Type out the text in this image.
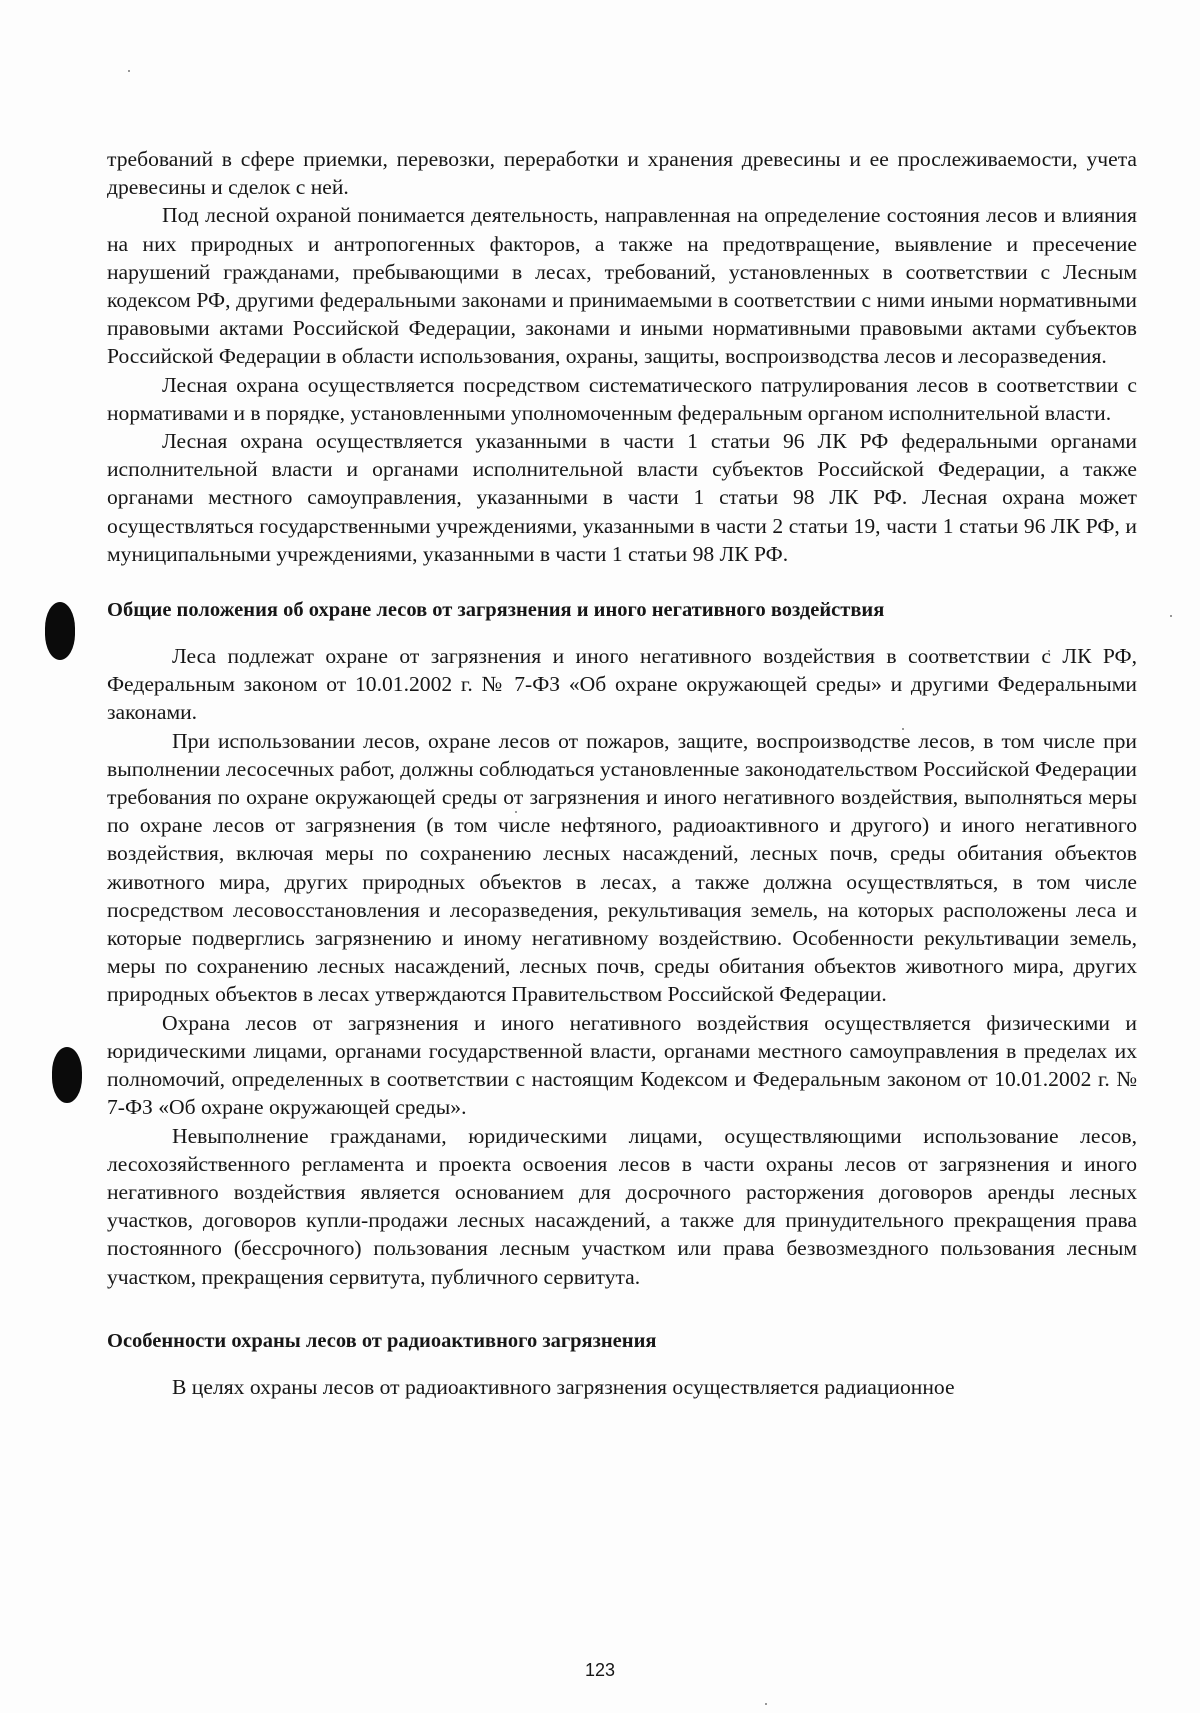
требований в сфере приемки, перевозки, переработки и хранения древесины и ее прослеживаемости, учета древесины и сделок с ней.

Под лесной охраной понимается деятельность, направленная на определение состояния лесов и влияния на них природных и антропогенных факторов, а также на предотвращение, выявление и пресечение нарушений гражданами, пребывающими в лесах, требований, установленных в соответствии с Лесным кодексом РФ, другими федеральными законами и принимаемыми в соответствии с ними иными нормативными правовыми актами Российской Федерации, законами и иными нормативными правовыми актами субъектов Российской Федерации в области использования, охраны, защиты, воспроизводства лесов и лесоразведения.

Лесная охрана осуществляется посредством систематического патрулирования лесов в соответствии с нормативами и в порядке, установленными уполномоченным федеральным органом исполнительной власти.

Лесная охрана осуществляется указанными в части 1 статьи 96 ЛК РФ федеральными органами исполнительной власти и органами исполнительной власти субъектов Российской Федерации, а также органами местного самоуправления, указанными в части 1 статьи 98 ЛК РФ. Лесная охрана может осуществляться государственными учреждениями, указанными в части 2 статьи 19, части 1 статьи 96 ЛК РФ, и муниципальными учреждениями, указанными в части 1 статьи 98 ЛК РФ.

Общие положения об охране лесов от загрязнения и иного негативного воздействия

Леса подлежат охране от загрязнения и иного негативного воздействия в соответствии с ЛК РФ, Федеральным законом от 10.01.2002 г. № 7-ФЗ «Об охране окружающей среды» и другими Федеральными законами.

При использовании лесов, охране лесов от пожаров, защите, воспроизводстве лесов, в том числе при выполнении лесосечных работ, должны соблюдаться установленные законодательством Российской Федерации требования по охране окружающей среды от загрязнения и иного негативного воздействия, выполняться меры по охране лесов от загрязнения (в том числе нефтяного, радиоактивного и другого) и иного негативного воздействия, включая меры по сохранению лесных насаждений, лесных почв, среды обитания объектов животного мира, других природных объектов в лесах, а также должна осуществляться, в том числе посредством лесовосстановления и лесоразведения, рекультивация земель, на которых расположены леса и которые подверглись загрязнению и иному негативному воздействию. Особенности рекультивации земель, меры по сохранению лесных насаждений, лесных почв, среды обитания объектов животного мира, других природных объектов в лесах утверждаются Правительством Российской Федерации.

Охрана лесов от загрязнения и иного негативного воздействия осуществляется физическими и юридическими лицами, органами государственной власти, органами местного самоуправления в пределах их полномочий, определенных в соответствии с настоящим Кодексом и Федеральным законом от 10.01.2002 г. № 7-ФЗ «Об охране окружающей среды».

Невыполнение гражданами, юридическими лицами, осуществляющими использование лесов, лесохозяйственного регламента и проекта освоения лесов в части охраны лесов от загрязнения и иного негативного воздействия является основанием для досрочного расторжения договоров аренды лесных участков, договоров купли-продажи лесных насаждений, а также для принудительного прекращения права постоянного (бессрочного) пользования лесным участком или права безвозмездного пользования лесным участком, прекращения сервитута, публичного сервитута.

Особенности охраны лесов от радиоактивного загрязнения

В целях охраны лесов от радиоактивного загрязнения осуществляется радиационное

123
